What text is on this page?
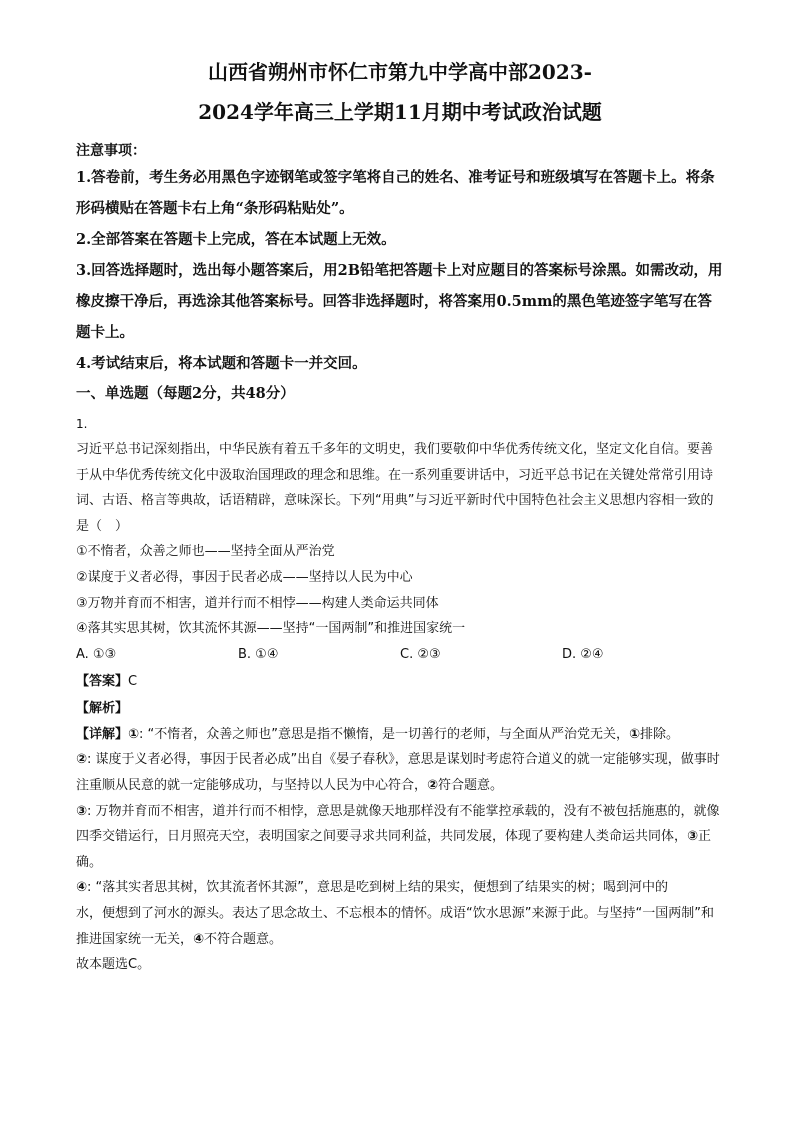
山西省朔州市怀仁市第九中学高中部2023-
2024学年高三上学期11月期中考试政治试题
注意事项：

1.答卷前，考生务必用黑色字迹钢笔或签字笔将自己的姓名、准考证号和班级填写在答题卡上。将条形码横贴在答题卡右上角“条形码粘贴处”。

2.全部答案在答题卡上完成，答在本试题上无效。

3.回答选择题时，选出每小题答案后，用2B铅笔把答题卡上对应题目的答案标号涂黑。如需改动，用橡皮擦干净后，再选涂其他答案标号。回答非选择题时，将答案用0.5mm的黑色笔迹签字笔写在答题卡上。

4.考试结束后，将本试题和答题卡一并交回。

一、单选题（每题2分，共48分）

1.

习近平总书记深刻指出，中华民族有着五千多年的文明史，我们要敬仰中华优秀传统文化，坚定文化自信。要善于从中华优秀传统文化中汲取治国理政的理念和思维。在一系列重要讲话中，习近平总书记在关键处常常引用诗词、古语、格言等典故，话语精辟，意味深长。下列“用典”与习近平新时代中国特色社会主义思想内容相一致的是（　）

①不惰者，众善之师也——坚持全面从严治党

②谋度于义者必得，事因于民者必成——坚持以人民为中心

③万物并育而不相害，道并行而不相悖——构建人类命运共同体

④落其实思其树，饮其流怀其源——坚持“一国两制”和推进国家统一

A. ①③	B. ①④	C. ②③	D. ②④
【答案】C
【解析】

【详解】①: “不惰者，众善之师也”意思是指不懒惰，是一切善行的老师，与全面从严治党无关，①排除。

②: 谋度于义者必得，事因于民者必成”出自《晏子春秋》，意思是谋划时考虑符合道义的就一定能够实现，做事时注重顺从民意的就一定能够成功，与坚持以人民为中心符合，②符合题意。

③: 万物并育而不相害，道并行而不相悖，意思是就像天地那样没有不能掌控承载的，没有不被包括施惠的，就像四季交错运行，日月照亮天空，表明国家之间要寻求共同利益，共同发展，体现了要构建人类命运共同体，③正确。

④: “落其实者思其树，饮其流者怀其源”，意思是吃到树上结的果实，便想到了结果实的树；喝到河中的

水，便想到了河水的源头。表达了思念故土、不忘根本的情怀。成语“饮水思源”来源于此。与坚持“一国两制”和推进国家统一无关，④不符合题意。

故本题选C。
